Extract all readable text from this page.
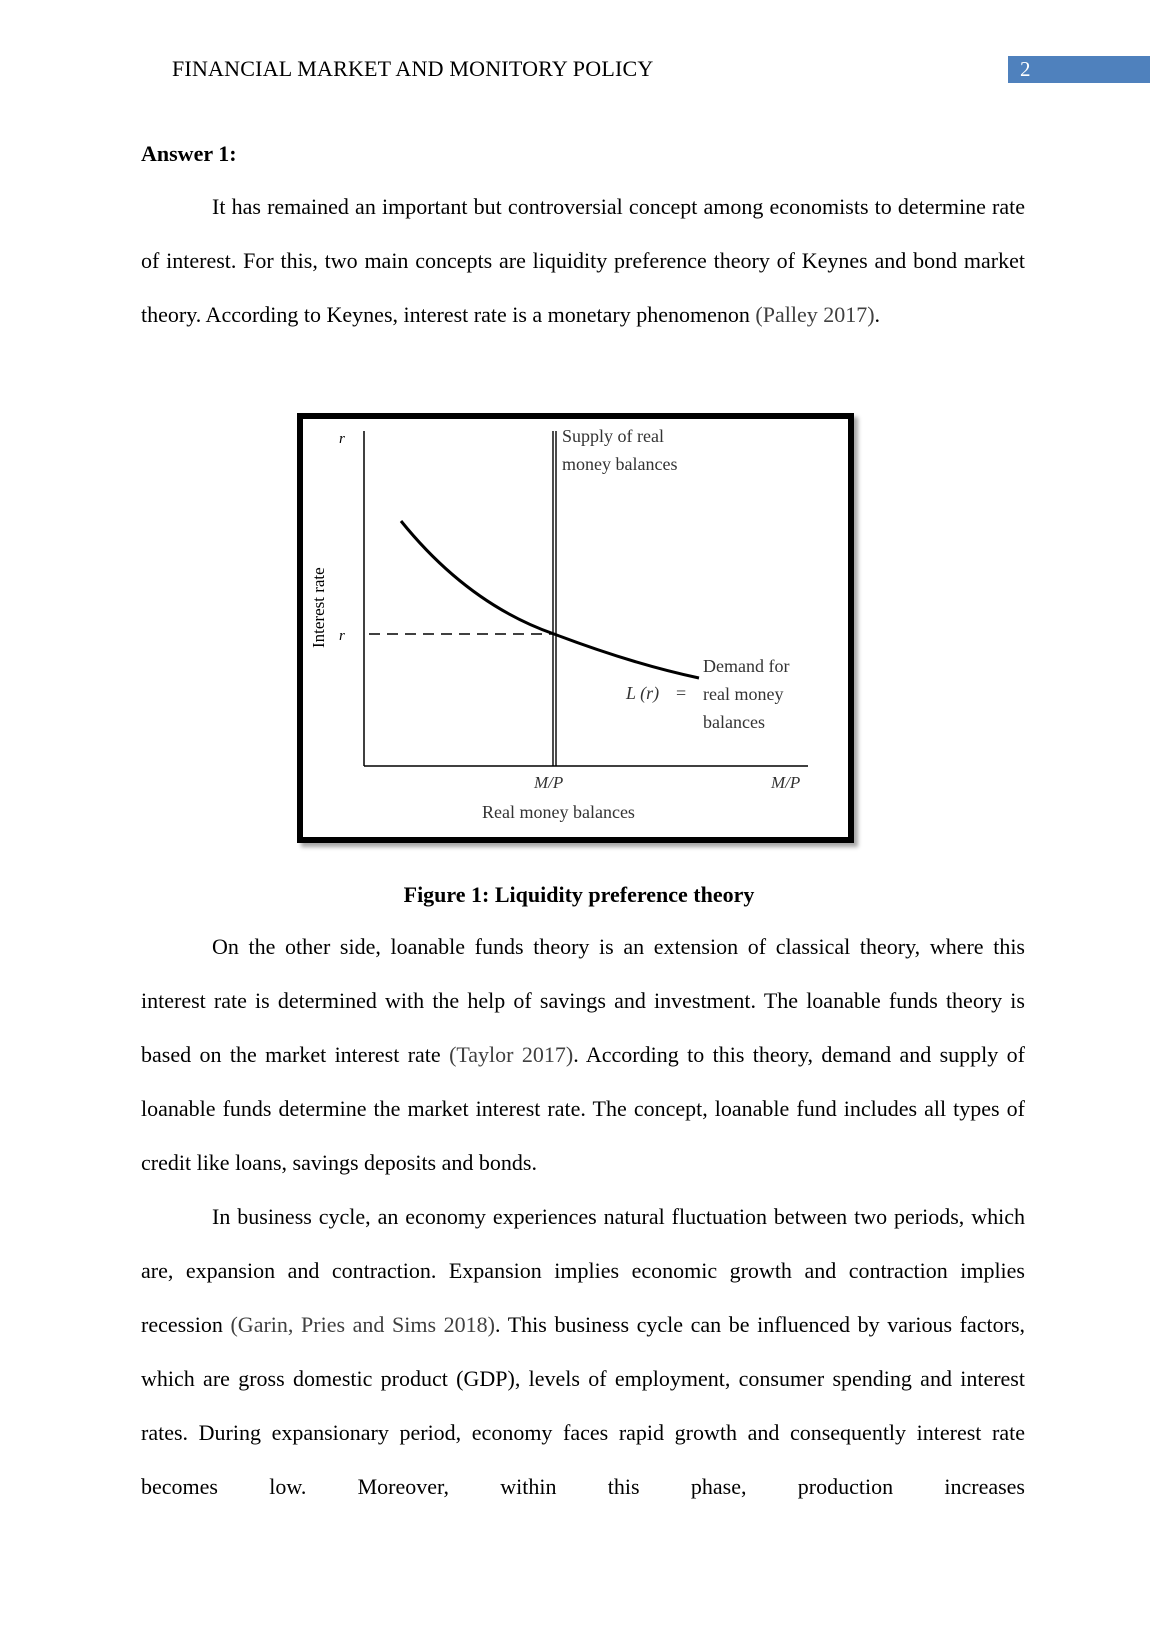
FINANCIAL MARKET AND MONITORY POLICY	2
Answer 1:
It has remained an important but controversial concept among economists to determine rate of interest. For this, two main concepts are liquidity preference theory of Keynes and bond market theory. According to Keynes, interest rate is a monetary phenomenon (Palley 2017).
r
r
Interest rate
Supply of real
money balances
Demand for
real money
balances
L (r) =
M/P	M/P
Real money balances
Figure 1: Liquidity preference theory
On the other side, loanable funds theory is an extension of classical theory, where this interest rate is determined with the help of savings and investment. The loanable funds theory is based on the market interest rate (Taylor 2017). According to this theory, demand and supply of loanable funds determine the market interest rate. The concept, loanable fund includes all types of credit like loans, savings deposits and bonds.
In business cycle, an economy experiences natural fluctuation between two periods, which are, expansion and contraction. Expansion implies economic growth and contraction implies recession (Garin, Pries and Sims 2018). This business cycle can be influenced by various factors, which are gross domestic product (GDP), levels of employment, consumer spending and interest rates. During expansionary period, economy faces rapid growth and consequently interest rate becomes low. Moreover, within this phase, production increases
